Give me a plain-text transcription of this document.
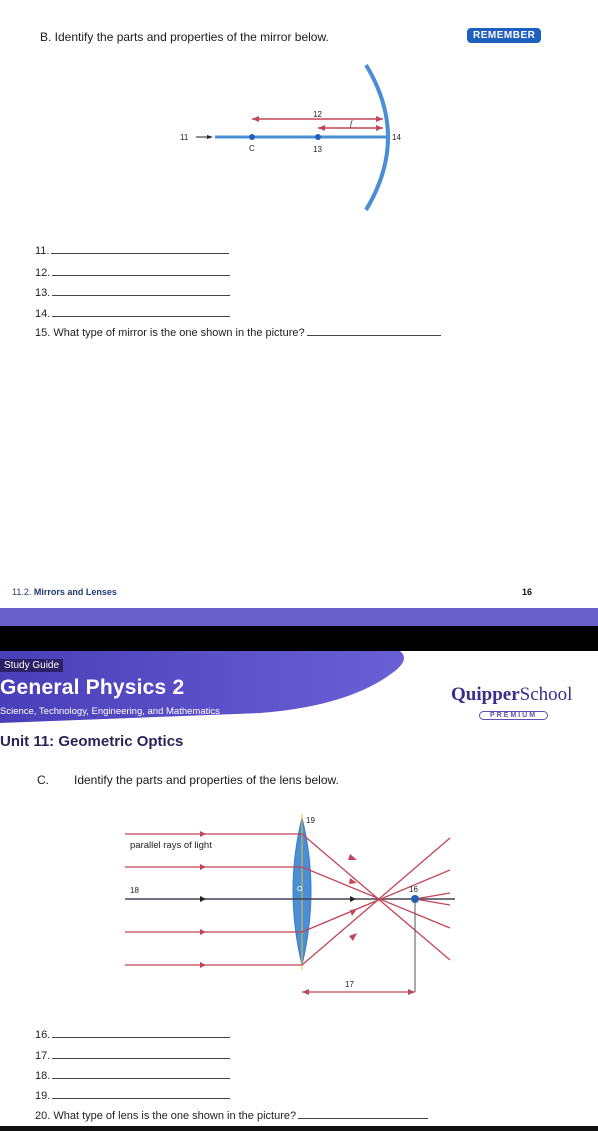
B. Identify the parts and properties of the mirror below.	REMEMBER
11
12
13
14
C
f
11.
12.
13.
14.
15. What type of mirror is the one shown in the picture?
11.2. Mirrors and Lenses	16
Study Guide
General Physics 2
Science, Technology, Engineering, and Mathematics
QuipperSchool
PREMIUM
Unit 11: Geometric Optics
C. Identify the parts and properties of the lens below.
parallel rays of light
18
19
16
17
O
16.
17.
18.
19.
20. What type of lens is the one shown in the picture?
